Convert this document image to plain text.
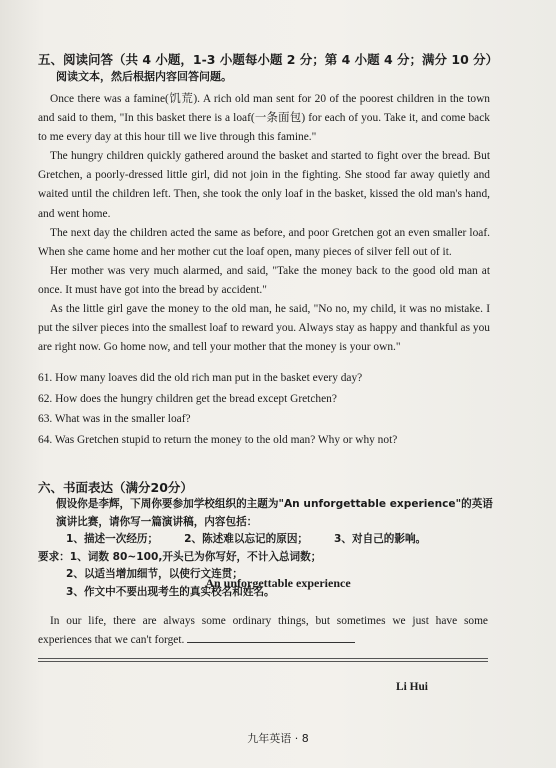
五、阅读问答（共 4 小题，1-3 小题每小题 2 分；第 4 小题 4 分；满分 10 分）
阅读文本，然后根据内容回答问题。

Once there was a famine(饥荒). A rich old man sent for 20 of the poorest children in the town and said to them, "In this basket there is a loaf(一条面包) for each of you. Take it, and come back to me every day at this hour till we live through this famine."

The hungry children quickly gathered around the basket and started to fight over the bread. But Gretchen, a poorly-dressed little girl, did not join in the fighting. She stood far away quietly and waited until the children left. Then, she took the only loaf in the basket, kissed the old man's hand, and went home.

The next day the children acted the same as before, and poor Gretchen got an even smaller loaf. When she came home and her mother cut the loaf open, many pieces of silver fell out of it.

Her mother was very much alarmed, and said, "Take the money back to the good old man at once. It must have got into the bread by accident."

As the little girl gave the money to the old man, he said, "No no, my child, it was no mistake. I put the silver pieces into the smallest loaf to reward you. Always stay as happy and thankful as you are right now. Go home now, and tell your mother that the money is your own."

61. How many loaves did the old rich man put in the basket every day?
62. How does the hungry children get the bread except Gretchen?
63. What was in the smaller loaf?
64. Was Gretchen stupid to return the money to the old man? Why or why not?
六、书面表达（满分20分）
假设你是李辉，下周你要参加学校组织的主题为"An unforgettable experience"的英语演讲比赛，请你写一篇演讲稿，内容包括：
1、描述一次经历； 2、陈述难以忘记的原因； 3、对自己的影响。
要求：1、词数 80~100,开头已为你写好，不计入总词数；
2、以适当增加细节，以使行文连贯；
3、作文中不要出现考生的真实校名和姓名。
An unforgettable experience

In our life, there are always some ordinary things, but sometimes we just have some experiences that we can't forget.

Li Hui
九年英语 · 8
